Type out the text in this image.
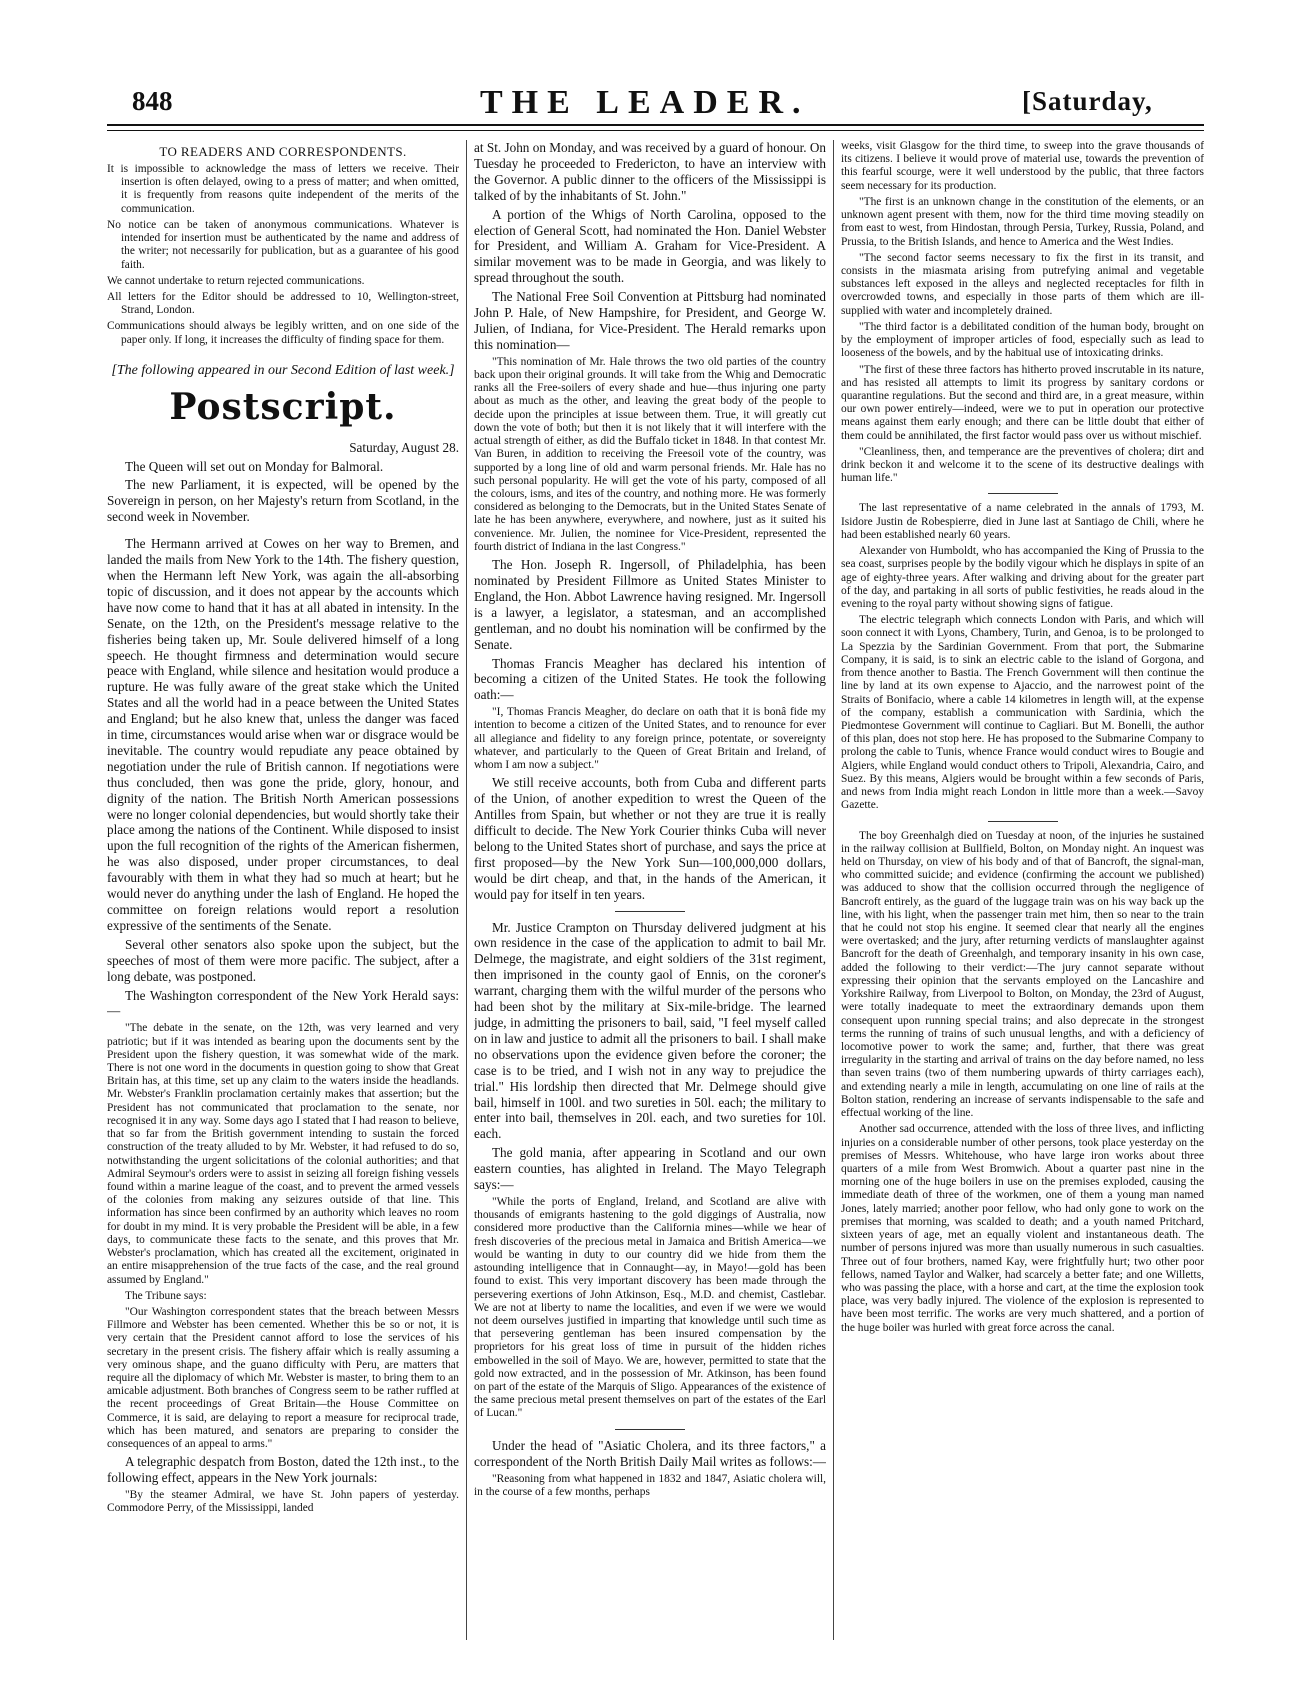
848	THE LEADER.	[Saturday,
TO READERS AND CORRESPONDENTS.

It is impossible to acknowledge the mass of letters we receive. Their insertion is often delayed, owing to a press of matter; and when omitted, it is frequently from reasons quite independent of the merits of the communication.

No notice can be taken of anonymous communications. Whatever is intended for insertion must be authenticated by the name and address of the writer; not necessarily for publication, but as a guarantee of his good faith.

We cannot undertake to return rejected communications.

All letters for the Editor should be addressed to 10, Wellington-street, Strand, London.

Communications should always be legibly written, and on one side of the paper only. If long, it increases the difficulty of finding space for them.

[The following appeared in our Second Edition of last week.]
Postscript.

Saturday, August 28.

The Queen will set out on Monday for Balmoral.

The new Parliament, it is expected, will be opened by the Sovereign in person, on her Majesty's return from Scotland, in the second week in November.

The Hermann arrived at Cowes on her way to Bremen, and landed the mails from New York to the 14th. The fishery question, when the Hermann left New York, was again the all-absorbing topic of discussion, and it does not appear by the accounts which have now come to hand that it has at all abated in intensity. In the Senate, on the 12th, on the President's message relative to the fisheries being taken up, Mr. Soule delivered himself of a long speech. He thought firmness and determination would secure peace with England, while silence and hesitation would produce a rupture. He was fully aware of the great stake which the United States and all the world had in a peace between the United States and England; but he also knew that, unless the danger was faced in time, circumstances would arise when war or disgrace would be inevitable. The country would repudiate any peace obtained by negotiation under the rule of British cannon. If negotiations were thus concluded, then was gone the pride, glory, honour, and dignity of the nation. The British North American possessions were no longer colonial dependencies, but would shortly take their place among the nations of the Continent. While disposed to insist upon the full recognition of the rights of the American fishermen, he was also disposed, under proper circumstances, to deal favourably with them in what they had so much at heart; but he would never do anything under the lash of England. He hoped the committee on foreign relations would report a resolution expressive of the sentiments of the Senate.

Several other senators also spoke upon the subject, but the speeches of most of them were more pacific. The subject, after a long debate, was postponed.

The Washington correspondent of the New York Herald says:—

"The debate in the senate, on the 12th, was very learned and very patriotic; but if it was intended as bearing upon the documents sent by the President upon the fishery question, it was somewhat wide of the mark. There is not one word in the documents in question going to show that Great Britain has, at this time, set up any claim to the waters inside the headlands. Mr. Webster's Franklin proclamation certainly makes that assertion; but the President has not communicated that proclamation to the senate, nor recognised it in any way. Some days ago I stated that I had reason to believe, that so far from the British government intending to sustain the forced construction of the treaty alluded to by Mr. Webster, it had refused to do so, notwithstanding the urgent solicitations of the colonial authorities; and that Admiral Seymour's orders were to assist in seizing all foreign fishing vessels found within a marine league of the coast, and to prevent the armed vessels of the colonies from making any seizures outside of that line. This information has since been confirmed by an authority which leaves no room for doubt in my mind. It is very probable the President will be able, in a few days, to communicate these facts to the senate, and this proves that Mr. Webster's proclamation, which has created all the excitement, originated in an entire misapprehension of the true facts of the case, and the real ground assumed by England."

The Tribune says:

"Our Washington correspondent states that the breach between Messrs Fillmore and Webster has been cemented. Whether this be so or not, it is very certain that the President cannot afford to lose the services of his secretary in the present crisis. The fishery affair which is really assuming a very ominous shape, and the guano difficulty with Peru, are matters that require all the diplomacy of which Mr. Webster is master, to bring them to an amicable adjustment. Both branches of Congress seem to be rather ruffled at the recent proceedings of Great Britain—the House Committee on Commerce, it is said, are delaying to report a measure for reciprocal trade, which has been matured, and senators are preparing to consider the consequences of an appeal to arms."

A telegraphic despatch from Boston, dated the 12th inst., to the following effect, appears in the New York journals:

"By the steamer Admiral, we have St. John papers of yesterday. Commodore Perry, of the Mississippi, landed

at St. John on Monday, and was received by a guard of honour. On Tuesday he proceeded to Fredericton, to have an interview with the Governor. A public dinner to the officers of the Mississippi is talked of by the inhabitants of St. John."

A portion of the Whigs of North Carolina, opposed to the election of General Scott, had nominated the Hon. Daniel Webster for President, and William A. Graham for Vice-President. A similar movement was to be made in Georgia, and was likely to spread throughout the south.

The National Free Soil Convention at Pittsburg had nominated John P. Hale, of New Hampshire, for President, and George W. Julien, of Indiana, for Vice-President. The Herald remarks upon this nomination—

"This nomination of Mr. Hale throws the two old parties of the country back upon their original grounds. It will take from the Whig and Democratic ranks all the Free-soilers of every shade and hue—thus injuring one party about as much as the other, and leaving the great body of the people to decide upon the principles at issue between them. True, it will greatly cut down the vote of both; but then it is not likely that it will interfere with the actual strength of either, as did the Buffalo ticket in 1848. In that contest Mr. Van Buren, in addition to receiving the Freesoil vote of the country, was supported by a long line of old and warm personal friends. Mr. Hale has no such personal popularity. He will get the vote of his party, composed of all the colours, isms, and ites of the country, and nothing more. He was formerly considered as belonging to the Democrats, but in the United States Senate of late he has been anywhere, everywhere, and nowhere, just as it suited his convenience. Mr. Julien, the nominee for Vice-President, represented the fourth district of Indiana in the last Congress."

The Hon. Joseph R. Ingersoll, of Philadelphia, has been nominated by President Fillmore as United States Minister to England, the Hon. Abbot Lawrence having resigned. Mr. Ingersoll is a lawyer, a legislator, a statesman, and an accomplished gentleman, and no doubt his nomination will be confirmed by the Senate.

Thomas Francis Meagher has declared his intention of becoming a citizen of the United States. He took the following oath:—

"I, Thomas Francis Meagher, do declare on oath that it is bonâ fide my intention to become a citizen of the United States, and to renounce for ever all allegiance and fidelity to any foreign prince, potentate, or sovereignty whatever, and particularly to the Queen of Great Britain and Ireland, of whom I am now a subject."

We still receive accounts, both from Cuba and different parts of the Union, of another expedition to wrest the Queen of the Antilles from Spain, but whether or not they are true it is really difficult to decide. The New York Courier thinks Cuba will never belong to the United States short of purchase, and says the price at first proposed—by the New York Sun—100,000,000 dollars, would be dirt cheap, and that, in the hands of the American, it would pay for itself in ten years.

Mr. Justice Crampton on Thursday delivered judgment at his own residence in the case of the application to admit to bail Mr. Delmege, the magistrate, and eight soldiers of the 31st regiment, then imprisoned in the county gaol of Ennis, on the coroner's warrant, charging them with the wilful murder of the persons who had been shot by the military at Six-mile-bridge. The learned judge, in admitting the prisoners to bail, said, "I feel myself called on in law and justice to admit all the prisoners to bail. I shall make no observations upon the evidence given before the coroner; the case is to be tried, and I wish not in any way to prejudice the trial." His lordship then directed that Mr. Delmege should give bail, himself in 100l. and two sureties in 50l. each; the military to enter into bail, themselves in 20l. each, and two sureties for 10l. each.

The gold mania, after appearing in Scotland and our own eastern counties, has alighted in Ireland. The Mayo Telegraph says:—

"While the ports of England, Ireland, and Scotland are alive with thousands of emigrants hastening to the gold diggings of Australia, now considered more productive than the California mines—while we hear of fresh discoveries of the precious metal in Jamaica and British America—we would be wanting in duty to our country did we hide from them the astounding intelligence that in Connaught—ay, in Mayo!—gold has been found to exist. This very important discovery has been made through the persevering exertions of John Atkinson, Esq., M.D. and chemist, Castlebar. We are not at liberty to name the localities, and even if we were we would not deem ourselves justified in imparting that knowledge until such time as that persevering gentleman has been insured compensation by the proprietors for his great loss of time in pursuit of the hidden riches embowelled in the soil of Mayo. We are, however, permitted to state that the gold now extracted, and in the possession of Mr. Atkinson, has been found on part of the estate of the Marquis of Sligo. Appearances of the existence of the same precious metal present themselves on part of the estates of the Earl of Lucan."

Under the head of "Asiatic Cholera, and its three factors," a correspondent of the North British Daily Mail writes as follows:—

"Reasoning from what happened in 1832 and 1847, Asiatic cholera will, in the course of a few months, perhaps

weeks, visit Glasgow for the third time, to sweep into the grave thousands of its citizens. I believe it would prove of material use, towards the prevention of this fearful scourge, were it well understood by the public, that three factors seem necessary for its production.

"The first is an unknown change in the constitution of the elements, or an unknown agent present with them, now for the third time moving steadily on from east to west, from Hindostan, through Persia, Turkey, Russia, Poland, and Prussia, to the British Islands, and hence to America and the West Indies.

"The second factor seems necessary to fix the first in its transit, and consists in the miasmata arising from putrefying animal and vegetable substances left exposed in the alleys and neglected receptacles for filth in overcrowded towns, and especially in those parts of them which are ill-supplied with water and incompletely drained.

"The third factor is a debilitated condition of the human body, brought on by the employment of improper articles of food, especially such as lead to looseness of the bowels, and by the habitual use of intoxicating drinks.

"The first of these three factors has hitherto proved inscrutable in its nature, and has resisted all attempts to limit its progress by sanitary cordons or quarantine regulations. But the second and third are, in a great measure, within our own power entirely—indeed, were we to put in operation our protective means against them early enough; and there can be little doubt that either of them could be annihilated, the first factor would pass over us without mischief.

"Cleanliness, then, and temperance are the preventives of cholera; dirt and drink beckon it and welcome it to the scene of its destructive dealings with human life."

The last representative of a name celebrated in the annals of 1793, M. Isidore Justin de Robespierre, died in June last at Santiago de Chili, where he had been established nearly 60 years.

Alexander von Humboldt, who has accompanied the King of Prussia to the sea coast, surprises people by the bodily vigour which he displays in spite of an age of eighty-three years. After walking and driving about for the greater part of the day, and partaking in all sorts of public festivities, he reads aloud in the evening to the royal party without showing signs of fatigue.

The electric telegraph which connects London with Paris, and which will soon connect it with Lyons, Chambery, Turin, and Genoa, is to be prolonged to La Spezzia by the Sardinian Government. From that port, the Submarine Company, it is said, is to sink an electric cable to the island of Gorgona, and from thence another to Bastia. The French Government will then continue the line by land at its own expense to Ajaccio, and the narrowest point of the Straits of Bonifacio, where a cable 14 kilometres in length will, at the expense of the company, establish a communication with Sardinia, which the Piedmontese Government will continue to Cagliari. But M. Bonelli, the author of this plan, does not stop here. He has proposed to the Submarine Company to prolong the cable to Tunis, whence France would conduct wires to Bougie and Algiers, while England would conduct others to Tripoli, Alexandria, Cairo, and Suez. By this means, Algiers would be brought within a few seconds of Paris, and news from India might reach London in little more than a week.—Savoy Gazette.

The boy Greenhalgh died on Tuesday at noon, of the injuries he sustained in the railway collision at Bullfield, Bolton, on Monday night. An inquest was held on Thursday, on view of his body and of that of Bancroft, the signal-man, who committed suicide; and evidence (confirming the account we published) was adduced to show that the collision occurred through the negligence of Bancroft entirely, as the guard of the luggage train was on his way back up the line, with his light, when the passenger train met him, then so near to the train that he could not stop his engine. It seemed clear that nearly all the engines were overtasked; and the jury, after returning verdicts of manslaughter against Bancroft for the death of Greenhalgh, and temporary insanity in his own case, added the following to their verdict:—The jury cannot separate without expressing their opinion that the servants employed on the Lancashire and Yorkshire Railway, from Liverpool to Bolton, on Monday, the 23rd of August, were totally inadequate to meet the extraordinary demands upon them consequent upon running special trains; and also deprecate in the strongest terms the running of trains of such unusual lengths, and with a deficiency of locomotive power to work the same; and, further, that there was great irregularity in the starting and arrival of trains on the day before named, no less than seven trains (two of them numbering upwards of thirty carriages each), and extending nearly a mile in length, accumulating on one line of rails at the Bolton station, rendering an increase of servants indispensable to the safe and effectual working of the line.

Another sad occurrence, attended with the loss of three lives, and inflicting injuries on a considerable number of other persons, took place yesterday on the premises of Messrs. Whitehouse, who have large iron works about three quarters of a mile from West Bromwich. About a quarter past nine in the morning one of the huge boilers in use on the premises exploded, causing the immediate death of three of the workmen, one of them a young man named Jones, lately married; another poor fellow, who had only gone to work on the premises that morning, was scalded to death; and a youth named Pritchard, sixteen years of age, met an equally violent and instantaneous death. The number of persons injured was more than usually numerous in such casualties. Three out of four brothers, named Kay, were frightfully hurt; two other poor fellows, named Taylor and Walker, had scarcely a better fate; and one Willetts, who was passing the place, with a horse and cart, at the time the explosion took place, was very badly injured. The violence of the explosion is represented to have been most terrific. The works are very much shattered, and a portion of the huge boiler was hurled with great force across the canal.
